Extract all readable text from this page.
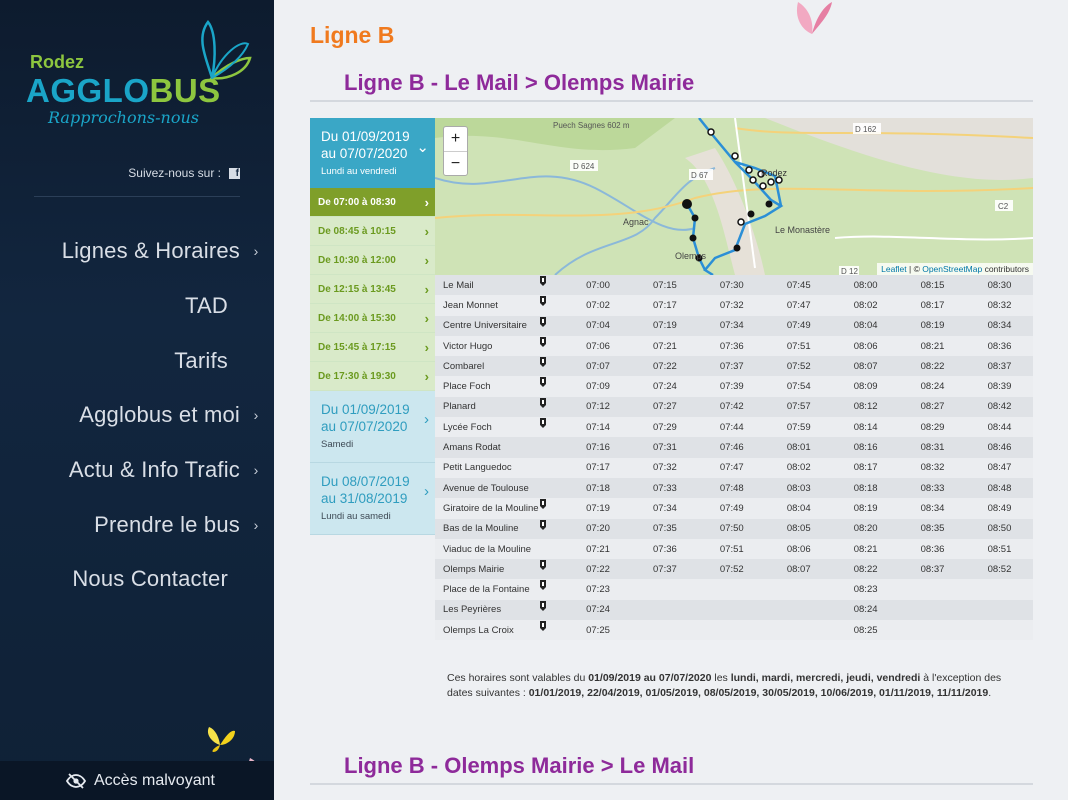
Rodez
AGGLOBUS
Rapprochons-nous
Suivez-nous sur :	f
Lignes & Horaires ›
TAD
Tarifs
Agglobus et moi ›
Actu & Info Trafic ›
Prendre le bus ›
Nous Contacter
Accès malvoyant
Ligne B
Ligne B - Le Mail > Olemps Mairie
Du 01/09/2019
au 07/07/2020
Lundi au vendredi
⌄
De 07:00 à 08:30 ›
De 08:45 à 10:15 ›
De 10:30 à 12:00 ›
De 12:15 à 13:45 ›
De 14:00 à 15:30 ›
De 15:45 à 17:15 ›
De 17:30 à 19:30 ›
Du 01/09/2019
au 07/07/2020
Samedi
›
Du 08/07/2019
au 31/08/2019
Lundi au samedi
›
Puech Sagnes 602 m
D 624
D 67	Rodez
D 162
Agnac
Le Monastère
Olemps
C2
D 12
+
−
Leaflet | © OpenStreetMap contributors
Le Mail		07:00	07:15	07:30	07:45	08:00	08:15	08:30
Jean Monnet		07:02	07:17	07:32	07:47	08:02	08:17	08:32
Centre Universitaire		07:04	07:19	07:34	07:49	08:04	08:19	08:34
Victor Hugo		07:06	07:21	07:36	07:51	08:06	08:21	08:36
Combarel		07:07	07:22	07:37	07:52	08:07	08:22	08:37
Place Foch		07:09	07:24	07:39	07:54	08:09	08:24	08:39
Planard		07:12	07:27	07:42	07:57	08:12	08:27	08:42
Lycée Foch		07:14	07:29	07:44	07:59	08:14	08:29	08:44
Amans Rodat		07:16	07:31	07:46	08:01	08:16	08:31	08:46
Petit Languedoc		07:17	07:32	07:47	08:02	08:17	08:32	08:47
Avenue de Toulouse		07:18	07:33	07:48	08:03	08:18	08:33	08:48
Giratoire de la Mouline		07:19	07:34	07:49	08:04	08:19	08:34	08:49
Bas de la Mouline		07:20	07:35	07:50	08:05	08:20	08:35	08:50
Viaduc de la Mouline		07:21	07:36	07:51	08:06	08:21	08:36	08:51
Olemps Mairie		07:22	07:37	07:52	08:07	08:22	08:37	08:52
Place de la Fontaine		07:23				08:23		
Les Peyrières		07:24				08:24		
Olemps La Croix		07:25				08:25		
Ces horaires sont valables du 01/09/2019 au 07/07/2020 les lundi, mardi, mercredi, jeudi, vendredi à l'exception des dates suivantes : 01/01/2019, 22/04/2019, 01/05/2019, 08/05/2019, 30/05/2019, 10/06/2019, 01/11/2019, 11/11/2019.
Ligne B - Olemps Mairie > Le Mail
